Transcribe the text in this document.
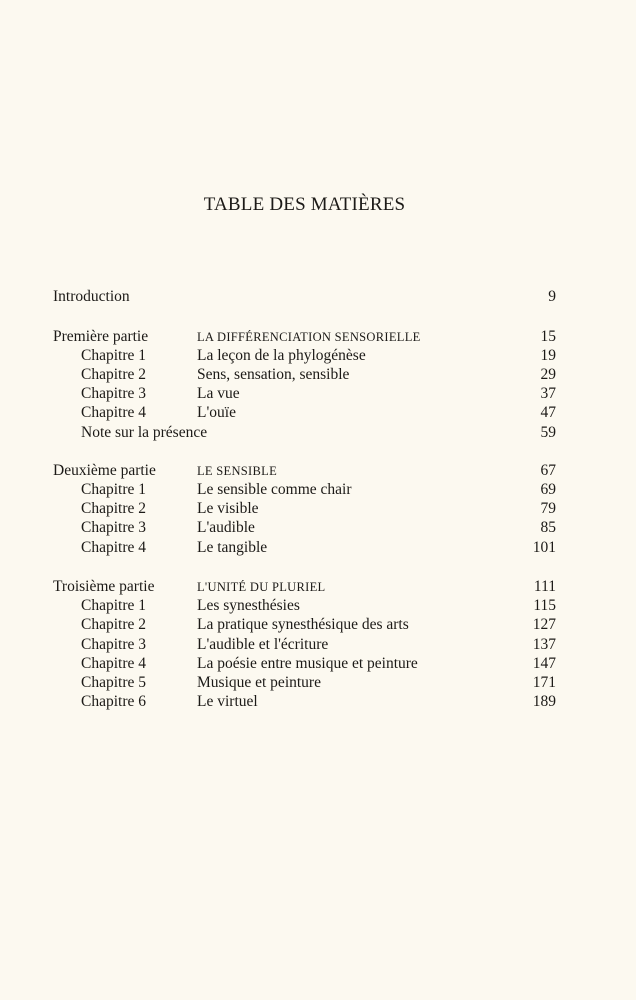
TABLE DES MATIÈRES
Introduction	9
Première partie	LA DIFFÉRENCIATION SENSORIELLE	15
Chapitre 1	La leçon de la phylogénèse	19
Chapitre 2	Sens, sensation, sensible	29
Chapitre 3	La vue	37
Chapitre 4	L'ouïe	47
Note sur la présence	59
Deuxième partie	LE SENSIBLE	67
Chapitre 1	Le sensible comme chair	69
Chapitre 2	Le visible	79
Chapitre 3	L'audible	85
Chapitre 4	Le tangible	101
Troisième partie	L'UNITÉ DU PLURIEL	111
Chapitre 1	Les synesthésies	115
Chapitre 2	La pratique synesthésique des arts	127
Chapitre 3	L'audible et l'écriture	137
Chapitre 4	La poésie entre musique et peinture	147
Chapitre 5	Musique et peinture	171
Chapitre 6	Le virtuel	189
